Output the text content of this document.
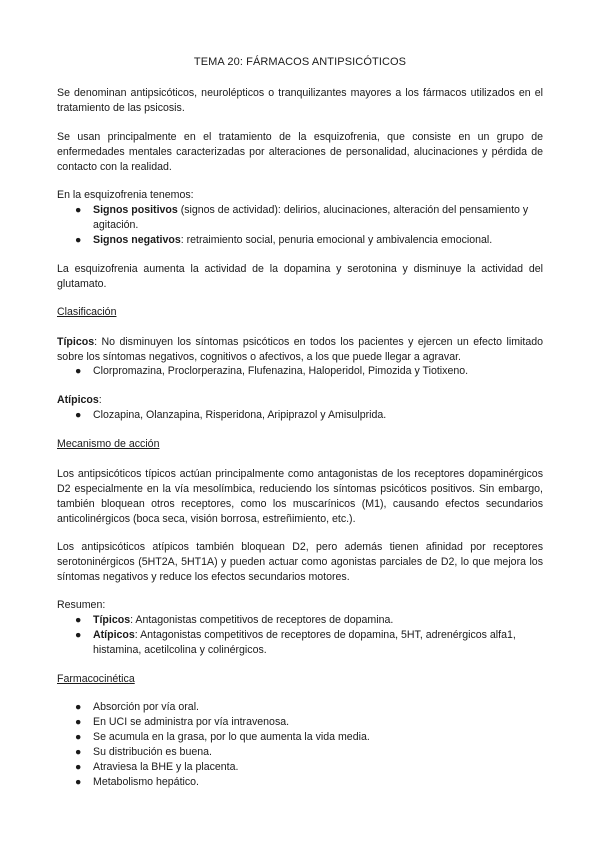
TEMA 20: FÁRMACOS ANTIPSICÓTICOS
Se denominan antipsicóticos, neurolépticos o tranquilizantes mayores a los fármacos utilizados en el tratamiento de las psicosis.
Se usan principalmente en el tratamiento de la esquizofrenia, que consiste en un grupo de enfermedades mentales caracterizadas por alteraciones de personalidad, alucinaciones y pérdida de contacto con la realidad.
En la esquizofrenia tenemos:
● Signos positivos (signos de actividad): delirios, alucinaciones, alteración del pensamiento y agitación.
● Signos negativos: retraimiento social, penuria emocional y ambivalencia emocional.
La esquizofrenia aumenta la actividad de la dopamina y serotonina y disminuye la actividad del glutamato.
Clasificación
Típicos: No disminuyen los síntomas psicóticos en todos los pacientes y ejercen un efecto limitado sobre los síntomas negativos, cognitivos o afectivos, a los que puede llegar a agravar.
● Clorpromazina, Proclorperazina, Flufenazina, Haloperidol, Pimozida y Tiotixeno.
Atípicos:
● Clozapina, Olanzapina, Risperidona, Aripiprazol y Amisulprida.
Mecanismo de acción
Los antipsicóticos típicos actúan principalmente como antagonistas de los receptores dopaminérgicos D2 especialmente en la vía mesolímbica, reduciendo los síntomas psicóticos positivos. Sin embargo, también bloquean otros receptores, como los muscarínicos (M1), causando efectos secundarios anticolinérgicos (boca seca, visión borrosa, estreñimiento, etc.).
Los antipsicóticos atípicos también bloquean D2, pero además tienen afinidad por receptores serotoninérgicos (5HT2A, 5HT1A) y pueden actuar como agonistas parciales de D2, lo que mejora los síntomas negativos y reduce los efectos secundarios motores.
Resumen:
● Típicos: Antagonistas competitivos de receptores de dopamina.
● Atípicos: Antagonistas competitivos de receptores de dopamina, 5HT, adrenérgicos alfa1, histamina, acetilcolina y colinérgicos.
Farmacocinética
● Absorción por vía oral.
● En UCI se administra por vía intravenosa.
● Se acumula en la grasa, por lo que aumenta la vida media.
● Su distribución es buena.
● Atraviesa la BHE y la placenta.
● Metabolismo hepático.
